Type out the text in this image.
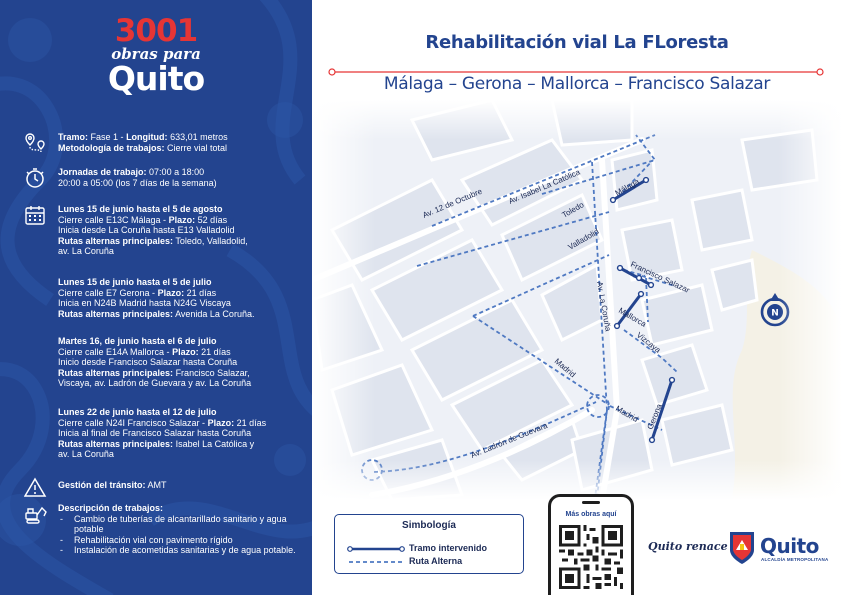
3001
obras para
Quito
Tramo: Fase 1 - Longitud: 633,01 metros
Metodología de trabajos: Cierre vial total
Jornadas de trabajo: 07:00 a 18:00
20:00 a 05:00 (los 7 días de la semana)
Lunes 15 de junio hasta el 5 de agosto
Cierre calle E13C Málaga - Plazo: 52 días
Inicia desde La Coruña hasta E13 Valladolid
Rutas alternas principales: Toledo, Valladolid,
av. La Coruña
Lunes 15 de junio hasta el 5 de julio
Cierre calle E7 Gerona - Plazo: 21 días
Inicia en N24B Madrid hasta N24G Viscaya
Rutas alternas principales: Avenida La Coruña.
Martes 16, de junio hasta el 6 de julio
Cierre calle E14A Mallorca - Plazo: 21 días
Inicio desde Francisco Salazar hasta Coruña
Rutas alternas principales: Francisco Salazar,
Viscaya, av. Ladrón de Guevara y av. La Coruña
Lunes 22 de junio hasta el 12 de julio
Cierre calle N24I Francisco Salazar - Plazo: 21 días
Inicia al final de Francisco Salazar hasta Coruña
Rutas alternas principales: Isabel La Católica y
av. La Coruña
Gestión del tránsito: AMT
Descripción de trabajos:
- Cambio de tuberías de alcantarillado sanitario y agua potable
- Rehabilitación vial con pavimento rígido
- Instalación de acometidas sanitarias y de agua potable.
Rehabilitación vial La FLoresta
Málaga – Gerona – Mallorca – Francisco Salazar
Simbología
Tramo intervenido
Ruta Alterna
Más obras aquí
Quito renace Quito
ALCALDÍA METROPOLITANA
